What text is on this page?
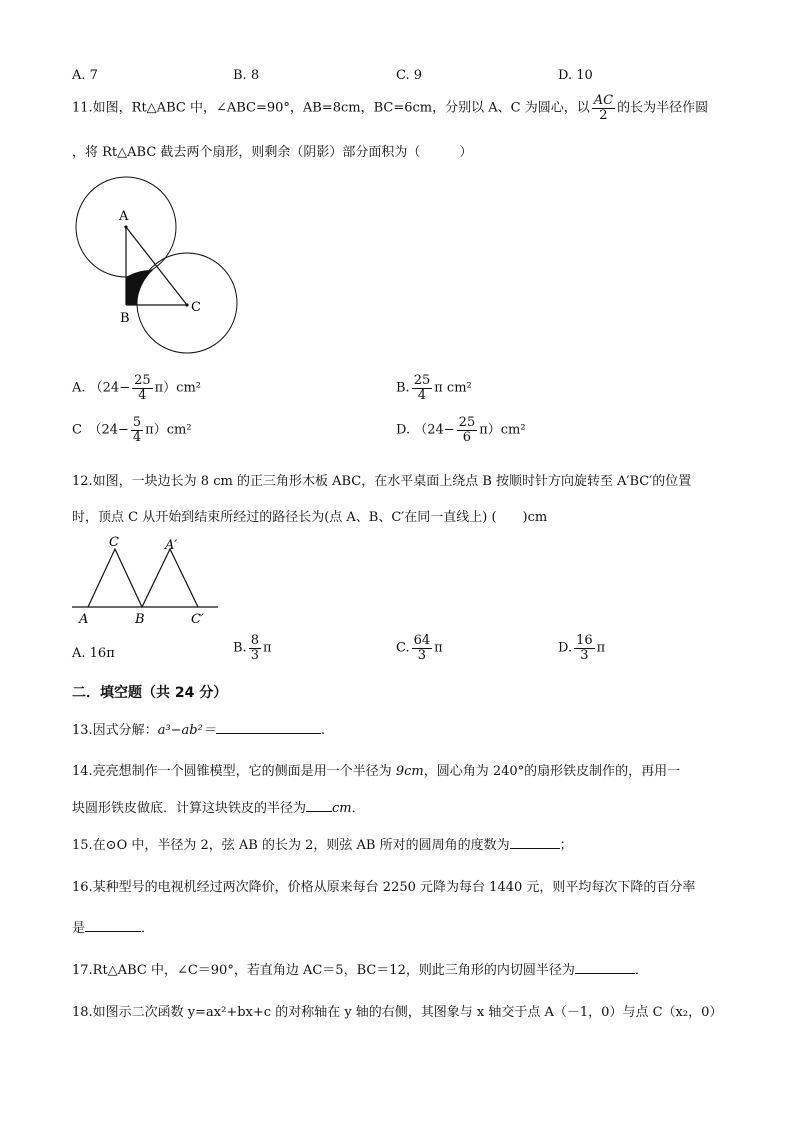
A. 7	B. 8	C. 9	D. 10
11.如图，Rt△ABC 中，∠ABC=90°，AB=8cm，BC=6cm，分别以 A、C 为圆心，以 $\frac{AC}{2}$ 的长为半径作圆
，将 Rt△ABC 截去两个扇形，则剩余（阴影）部分面积为（　　　）
A
B
C
A. $(24- \frac{25}{4} \pi)cm^2$	B. $\frac{25}{4}$ π cm²
C　$(24- \frac{5}{4} \pi)cm^2$	D. $(24- \frac{25}{6} \pi)cm^2$
12.如图，一块边长为 8 cm 的正三角形木板 ABC，在水平桌面上绕点 B 按顺时针方向旋转至 A′BC′的位置
时，顶点 C 从开始到结束所经过的路径长为(点 A、B、C′在同一直线上) (　　)cm
C	A′
A	B	C′
A. 16π	B. $\frac{8}{3}$ π	C. $\frac{64}{3}$ π	D. $\frac{16}{3}$ π
二．填空题（共 24 分）
13.因式分解：a³−ab²＝	.
14.亮亮想制作一个圆锥模型，它的侧面是用一个半径为 9cm，圆心角为 240°的扇形铁皮制作的，再用一
块圆形铁皮做底．计算这块铁皮的半径为 cm．
15.在⊙O 中，半径为 2，弦 AB 的长为 2，则弦 AB 所对的圆周角的度数为	；
16.某种型号的电视机经过两次降价，价格从原来每台 2250 元降为每台 1440 元，则平均每次下降的百分率
是	．
17.Rt△ABC 中，∠C＝90°，若直角边 AC＝5，BC＝12，则此三角形的内切圆半径为	．
18.如图示二次函数 y=ax²+bx+c 的对称轴在 y 轴的右侧，其图象与 x 轴交于点 A（－1，0）与点 C（x₂，0）
